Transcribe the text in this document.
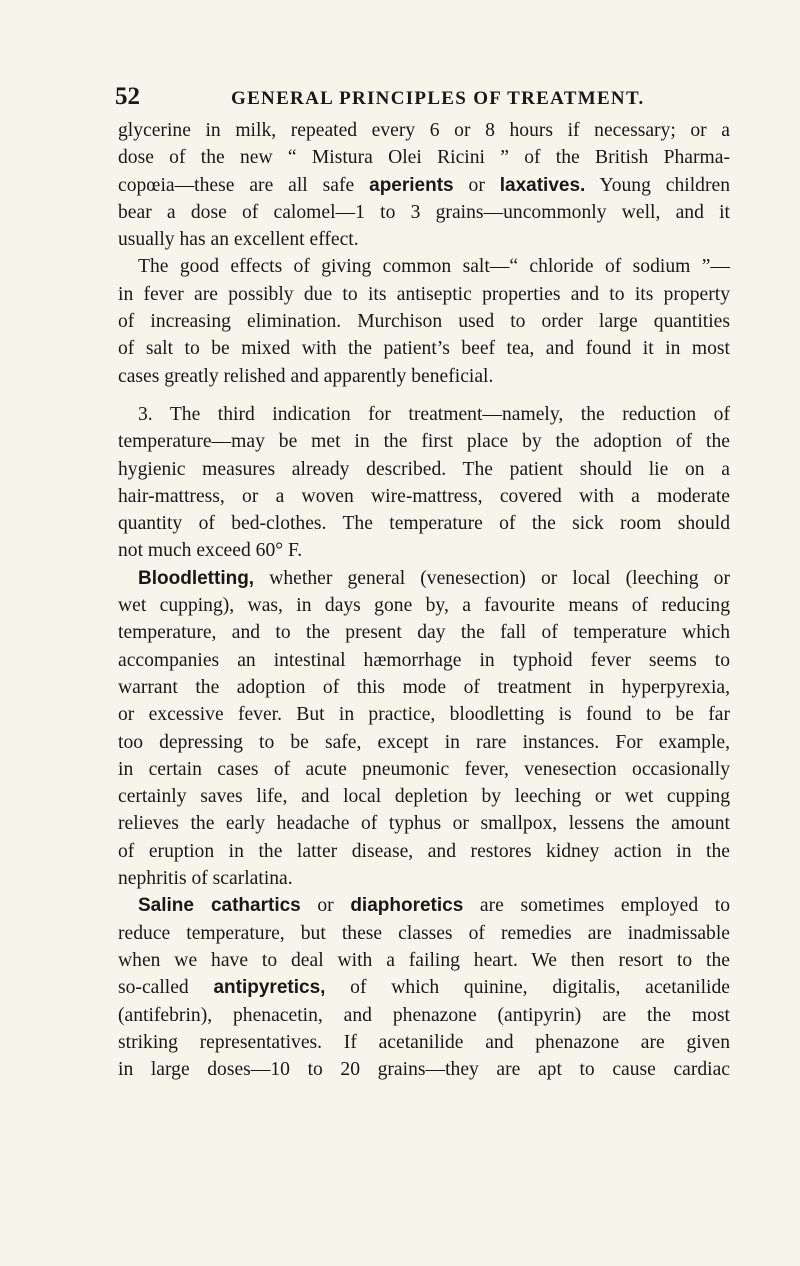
52	GENERAL PRINCIPLES OF TREATMENT.
glycerine in milk, repeated every 6 or 8 hours if necessary; or a
dose of the new “ Mistura Olei Ricini ” of the British Pharma-
copœia—these are all safe aperients or laxatives. Young children
bear a dose of calomel—1 to 3 grains—uncommonly well, and it
usually has an excellent effect.
The good effects of giving common salt—“ chloride of sodium ”—
in fever are possibly due to its antiseptic properties and to its property
of increasing elimination. Murchison used to order large quantities
of salt to be mixed with the patient’s beef tea, and found it in most
cases greatly relished and apparently beneficial.
3. The third indication for treatment—namely, the reduction of
temperature—may be met in the first place by the adoption of the
hygienic measures already described. The patient should lie on a
hair-mattress, or a woven wire-mattress, covered with a moderate
quantity of bed-clothes. The temperature of the sick room should
not much exceed 60° F.
Bloodletting, whether general (venesection) or local (leeching or
wet cupping), was, in days gone by, a favourite means of reducing
temperature, and to the present day the fall of temperature which
accompanies an intestinal hæmorrhage in typhoid fever seems to
warrant the adoption of this mode of treatment in hyperpyrexia,
or excessive fever. But in practice, bloodletting is found to be far
too depressing to be safe, except in rare instances. For example,
in certain cases of acute pneumonic fever, venesection occasionally
certainly saves life, and local depletion by leeching or wet cupping
relieves the early headache of typhus or smallpox, lessens the amount
of eruption in the latter disease, and restores kidney action in the
nephritis of scarlatina.
Saline cathartics or diaphoretics are sometimes employed to
reduce temperature, but these classes of remedies are inadmissable
when we have to deal with a failing heart. We then resort to the
so-called antipyretics, of which quinine, digitalis, acetanilide
(antifebrin), phenacetin, and phenazone (antipyrin) are the most
striking representatives. If acetanilide and phenazone are given
in large doses—10 to 20 grains—they are apt to cause cardiac
